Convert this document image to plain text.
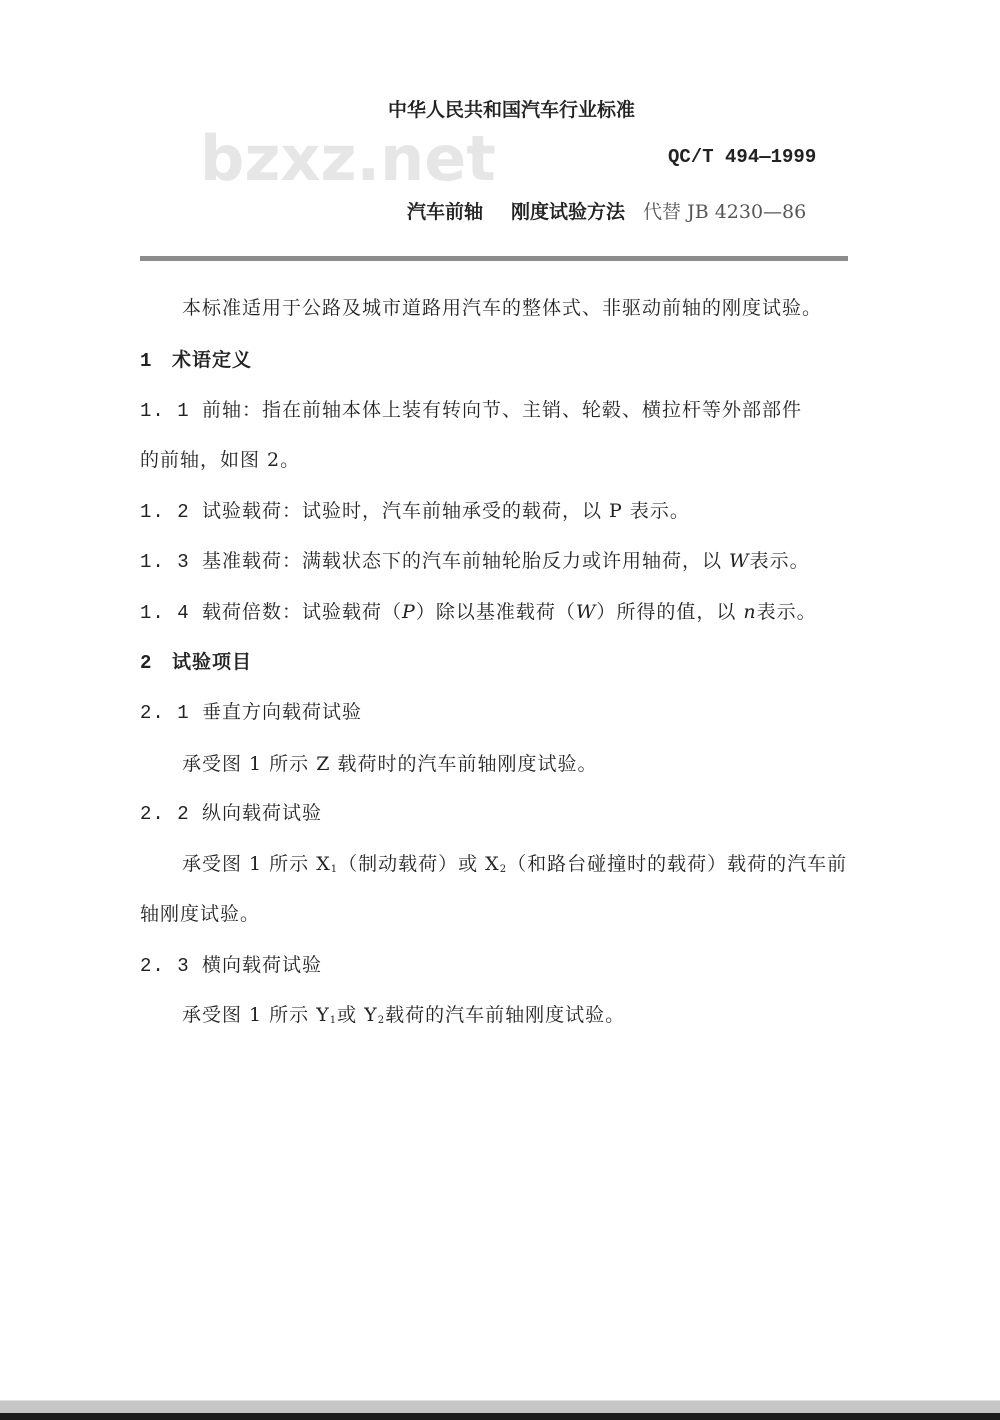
bzxz.net
中华人民共和国汽车行业标准
QC/T 494—1999
汽车前轴 刚度试验方法 代替 JB 4230—86
本标准适用于公路及城市道路用汽车的整体式、非驱动前轴的刚度试验。
1 术语定义
1. 1 前轴：指在前轴本体上装有转向节、主销、轮毂、横拉杆等外部部件
的前轴，如图 2。
1. 2 试验载荷：试验时，汽车前轴承受的载荷，以 P 表示。
1. 3 基准载荷：满载状态下的汽车前轴轮胎反力或许用轴荷，以 W表示。
1. 4 载荷倍数：试验载荷（P）除以基准载荷（W）所得的值，以 n表示。
2 试验项目
2. 1 垂直方向载荷试验
承受图 1 所示 Z 载荷时的汽车前轴刚度试验。
2. 2 纵向载荷试验
承受图 1 所示 $X_1$（制动载荷）或 $X_2$（和路台碰撞时的载荷）载荷的汽车前
轴刚度试验。
2. 3 横向载荷试验
承受图 1 所示 $Y_1$或 $Y_2$载荷的汽车前轴刚度试验。
